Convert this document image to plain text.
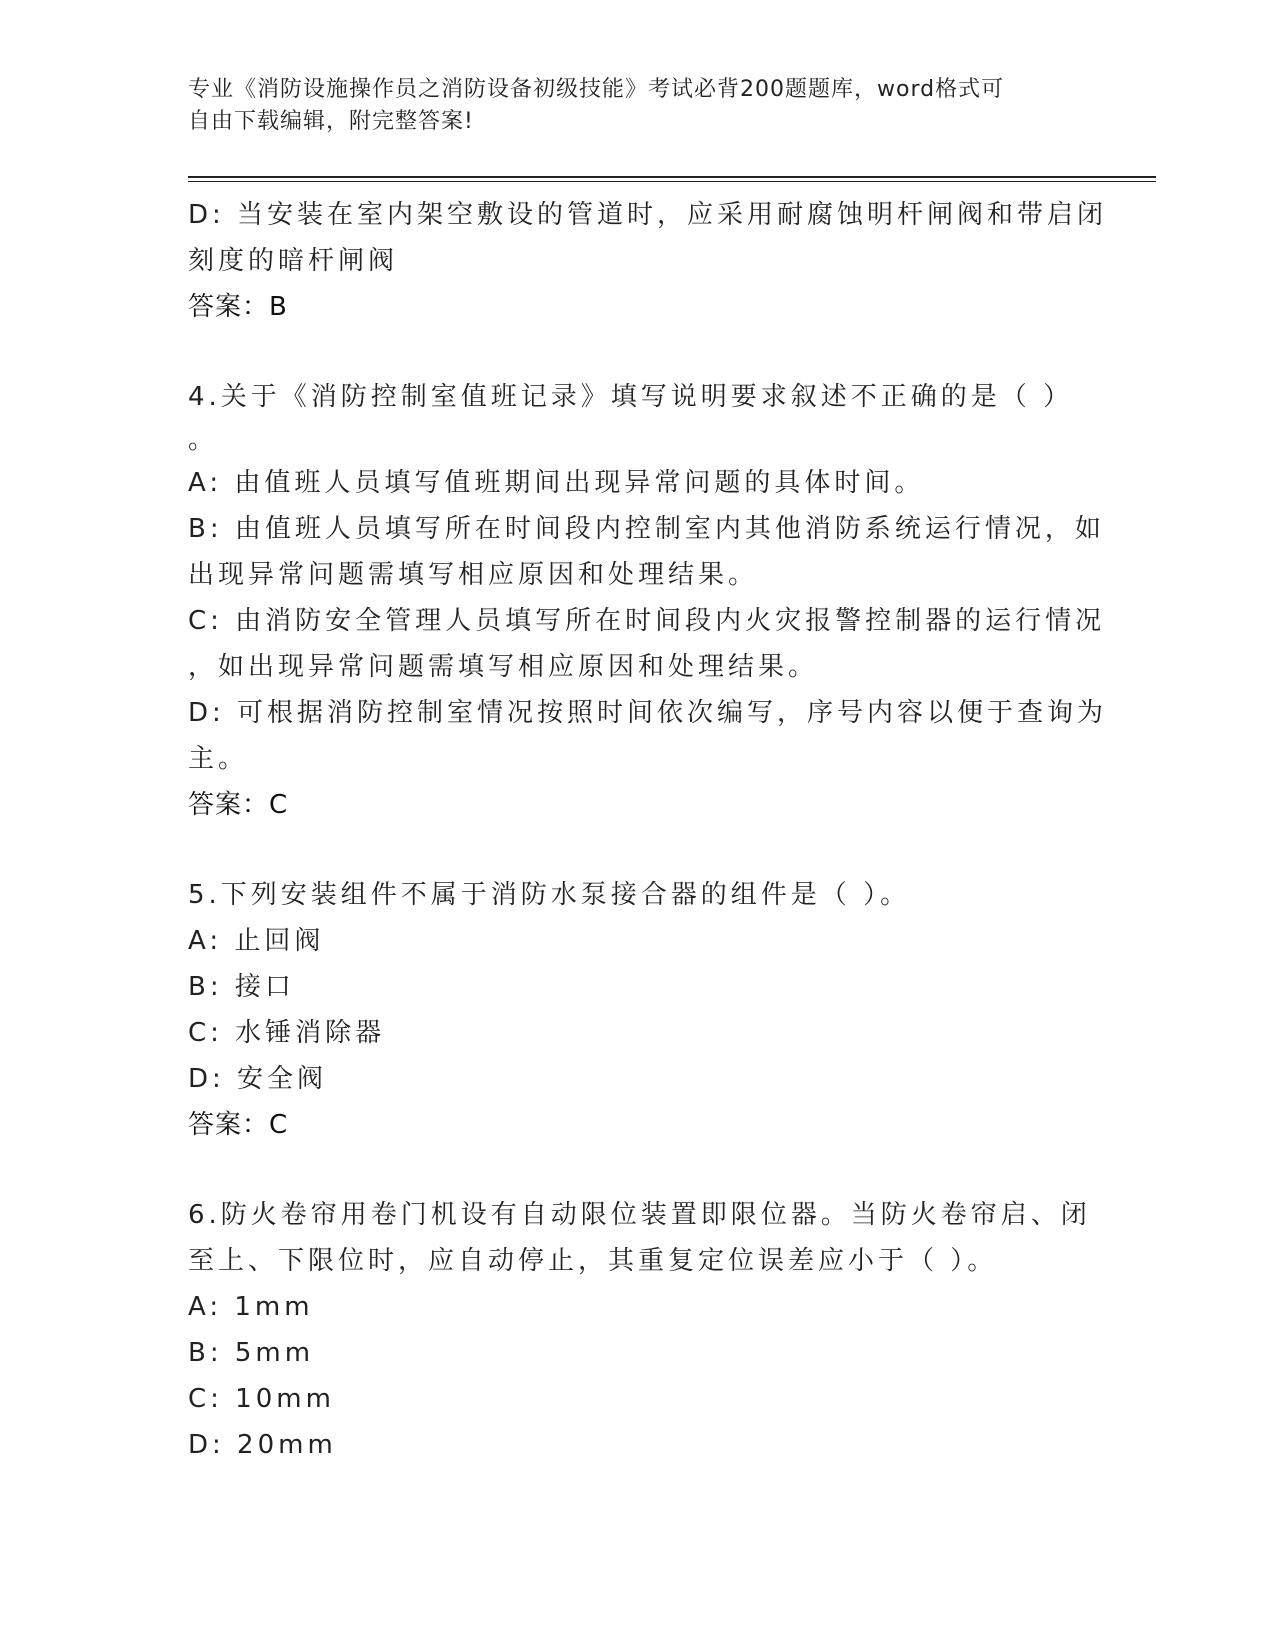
专业《消防设施操作员之消防设备初级技能》考试必背200题题库，word格式可
自由下载编辑，附完整答案!
D: 当安装在室内架空敷设的管道时，应采用耐腐蚀明杆闸阀和带启闭
刻度的暗杆闸阀
答案：B
4.关于《消防控制室值班记录》填写说明要求叙述不正确的是（ ）
。
A: 由值班人员填写值班期间出现异常问题的具体时间。
B: 由值班人员填写所在时间段内控制室内其他消防系统运行情况，如
出现异常问题需填写相应原因和处理结果。
C: 由消防安全管理人员填写所在时间段内火灾报警控制器的运行情况
，如出现异常问题需填写相应原因和处理结果。
D: 可根据消防控制室情况按照时间依次编写，序号内容以便于查询为
主。
答案：C
5.下列安装组件不属于消防水泵接合器的组件是（ ）。
A: 止回阀
B: 接口
C: 水锤消除器
D: 安全阀
答案：C
6.防火卷帘用卷门机设有自动限位装置即限位器。当防火卷帘启、闭
至上、下限位时，应自动停止，其重复定位误差应小于（ ）。
A: 1mm
B: 5mm
C: 10mm
D: 20mm
